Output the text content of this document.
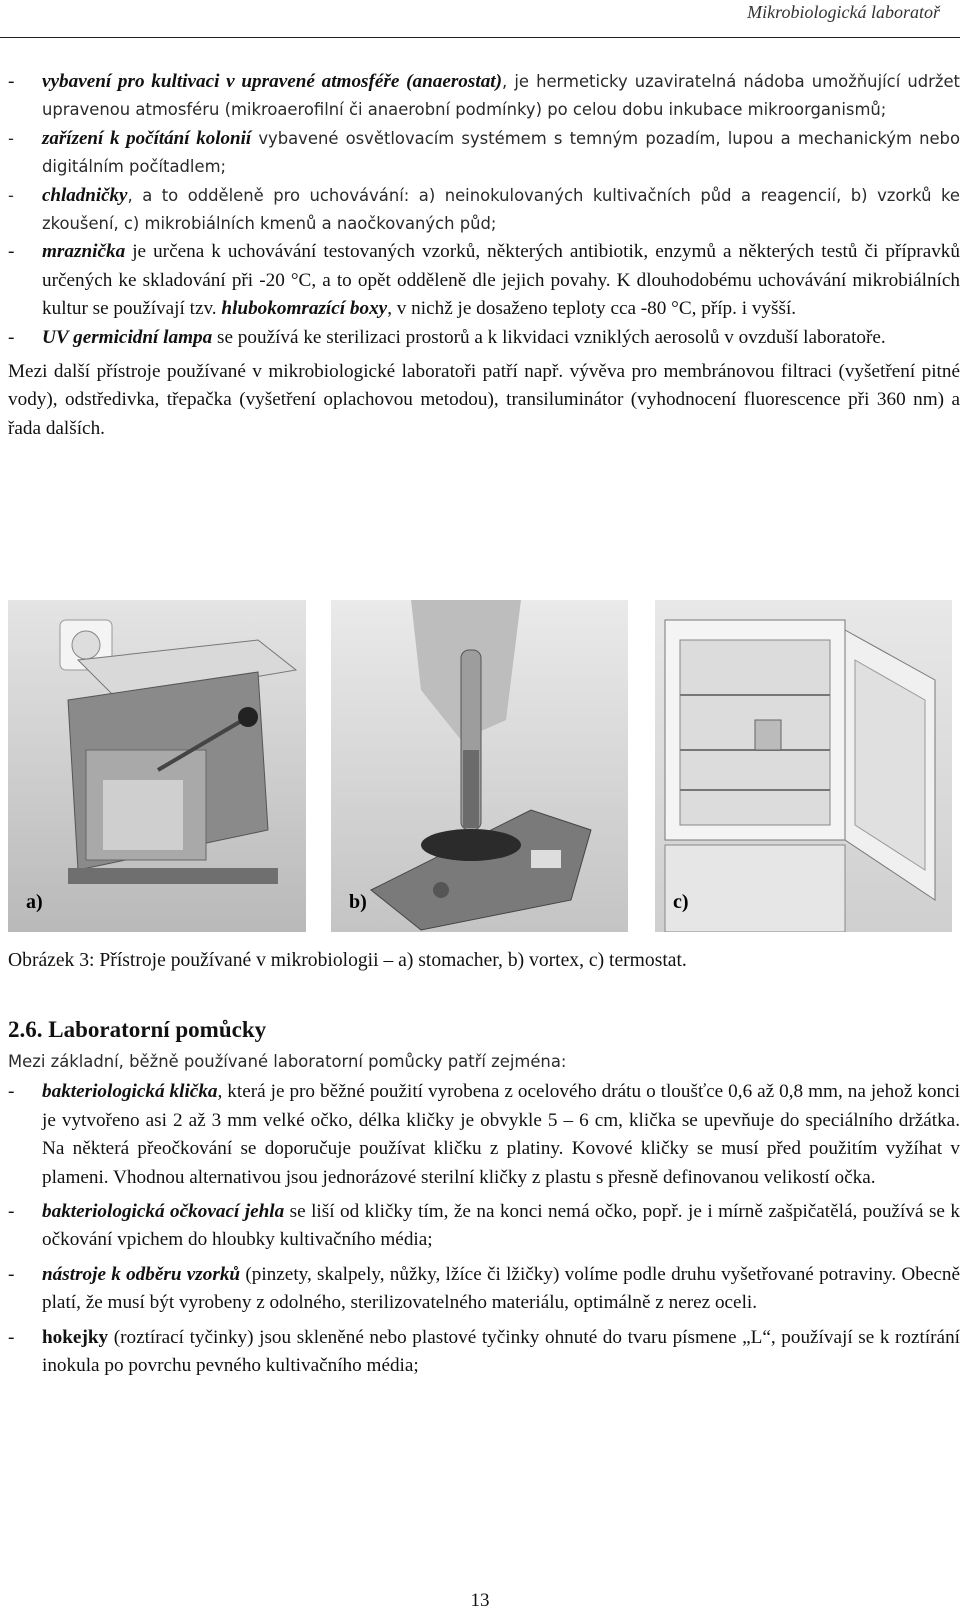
Mikrobiologická laboratoř
- vybavení pro kultivaci v upravené atmosféře (anaerostat), je hermeticky uzaviratelná nádoba umožňující udržet upravenou atmosféru (mikroaerofilní či anaerobní podmínky) po celou dobu inkubace mikroorganismů;
- zařízení k počítání kolonií vybavené osvětlovacím systémem s temným pozadím, lupou a mechanickým nebo digitálním počítadlem;
- chladničky, a to odděleně pro uchovávání: a) neinokulovaných kultivačních půd a reagencií, b) vzorků ke zkoušení, c) mikrobiálních kmenů a naočkovaných půd;
- mraznička je určena k uchovávání testovaných vzorků, některých antibiotik, enzymů a některých testů či přípravků určených ke skladování při -20 °C, a to opět odděleně dle jejich povahy. K dlouhodobému uchovávání mikrobiálních kultur se používají tzv. hlubokomrazící boxy, v nichž je dosaženo teploty cca -80 °C, příp. i vyšší.
- UV germicidní lampa se používá ke sterilizaci prostorů a k likvidaci vzniklých aerosolů v ovzduší laboratoře.
Mezi další přístroje používané v mikrobiologické laboratoři patří např. vývěva pro membránovou filtraci (vyšetření pitné vody), odstředivka, třepačka (vyšetření oplachovou metodou), transiluminátor (vyhodnocení fluorescence při 360 nm) a řada dalších.
a)	b)	c)
Obrázek 3: Přístroje používané v mikrobiologii – a) stomacher, b) vortex, c) termostat.
2.6. Laboratorní pomůcky
Mezi základní, běžně používané laboratorní pomůcky patří zejména:
- bakteriologická klička, která je pro běžné použití vyrobena z ocelového drátu o tloušťce 0,6 až 0,8 mm, na jehož konci je vytvořeno asi 2 až 3 mm velké očko, délka kličky je obvykle 5 – 6 cm, klička se upevňuje do speciálního držátka. Na některá přeočkování se doporučuje používat kličku z platiny. Kovové kličky se musí před použitím vyžíhat v plameni. Vhodnou alternativou jsou jednorázové sterilní kličky z plastu s přesně definovanou velikostí očka.
- bakteriologická očkovací jehla se liší od kličky tím, že na konci nemá očko, popř. je i mírně zašpičatělá, používá se k očkování vpichem do hloubky kultivačního média;
- nástroje k odběru vzorků (pinzety, skalpely, nůžky, lžíce či lžičky) volíme podle druhu vyšetřované potraviny. Obecně platí, že musí být vyrobeny z odolného, sterilizovatelného materiálu, optimálně z nerez oceli.
- hokejky (roztírací tyčinky) jsou skleněné nebo plastové tyčinky ohnuté do tvaru písmene „L“, používají se k roztírání inokula po povrchu pevného kultivačního média;
13
